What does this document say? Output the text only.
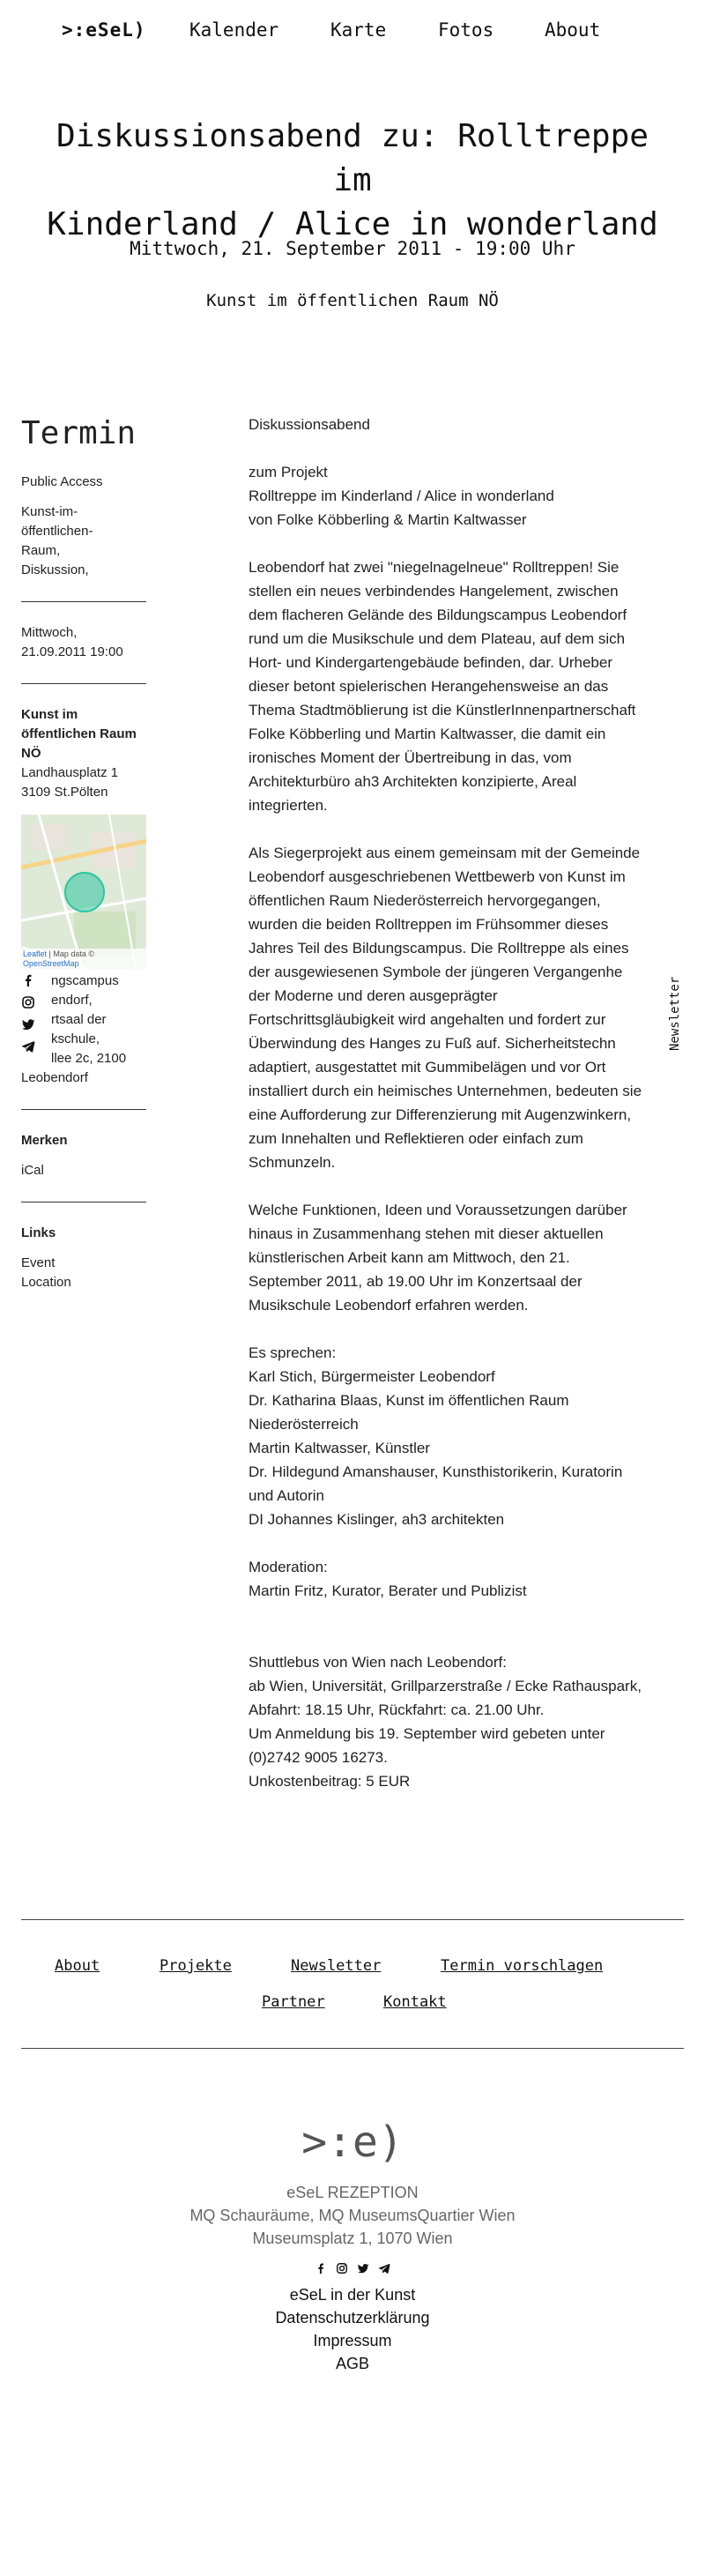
>:eSeL) Kalender	Karte	Fotos	About
Diskussionsabend zu: Rolltreppe im
Kinderland / Alice in wonderland
Mittwoch, 21. September 2011 - 19:00 Uhr
Kunst im öffentlichen Raum NÖ
Termin
Public Access
Kunst-im-öffentlichen-Raum, Diskussion,
Mittwoch,
21.09.2011 19:00
Kunst im
öffentlichen Raum
NÖ
Landhausplatz 1
3109 St.Pölten
Leaflet | Map data ©
OpenStreetMap
ngscampus
endorf,
rtsaal der
kschule,
llee 2c, 2100
Leobendorf
Merken
iCal
Links
Event
Location

Diskussionsabend

zum Projekt
Rolltreppe im Kinderland / Alice in wonderland
von Folke Köbberling & Martin Kaltwasser

Leobendorf hat zwei "niegelnagelneue" Rolltreppen! Sie
stellen ein neues verbindendes Hangelement, zwischen
dem flacheren Gelände des Bildungscampus Leobendorf
rund um die Musikschule und dem Plateau, auf dem sich
Hort- und Kindergartengebäude befinden, dar. Urheber
dieser betont spielerischen Herangehensweise an das
Thema Stadtmöblierung ist die KünstlerInnenpartnerschaft
Folke Köbberling und Martin Kaltwasser, die damit ein
ironisches Moment der Übertreibung in das, vom
Architekturbüro ah3 Architekten konzipierte, Areal
integrierten.

Als Siegerprojekt aus einem gemeinsam mit der Gemeinde
Leobendorf ausgeschriebenen Wettbewerb von Kunst im
öffentlichen Raum Niederösterreich hervorgegangen,
wurden die beiden Rolltreppen im Frühsommer dieses
Jahres Teil des Bildungscampus. Die Rolltreppe als eines
der ausgewiesenen Symbole der jüngeren Vergangenhe
der Moderne und deren ausgeprägter
Fortschrittsgläubigkeit wird angehalten und fordert zur
Überwindung des Hanges zu Fuß auf. Sicherheitstechn
adaptiert, ausgestattet mit Gummibelägen und vor Ort
installiert durch ein heimisches Unternehmen, bedeuten sie
eine Aufforderung zur Differenzierung mit Augenzwinkern,
zum Innehalten und Reflektieren oder einfach zum
Schmunzeln.

Welche Funktionen, Ideen und Voraussetzungen darüber
hinaus in Zusammenhang stehen mit dieser aktuellen
künstlerischen Arbeit kann am Mittwoch, den 21.
September 2011, ab 19.00 Uhr im Konzertsaal der
Musikschule Leobendorf erfahren werden.

Es sprechen:
Karl Stich, Bürgermeister Leobendorf
Dr. Katharina Blaas, Kunst im öffentlichen Raum
Niederösterreich
Martin Kaltwasser, Künstler
Dr. Hildegund Amanshauser, Kunsthistorikerin, Kuratorin
und Autorin
DI Johannes Kislinger, ah3 architekten

Moderation:
Martin Fritz, Kurator, Berater und Publizist

Shuttlebus von Wien nach Leobendorf:
ab Wien, Universität, Grillparzerstraße / Ecke Rathauspark,
Abfahrt: 18.15 Uhr, Rückfahrt: ca. 21.00 Uhr.
Um Anmeldung bis 19. September wird gebeten unter
(0)2742 9005 16273.
Unkostenbeitrag: 5 EUR

Newsletter
About	Projekte	Newsletter	Termin vorschlagen
Partner	Kontakt
>:e)
eSeL REZEPTION
MQ Schauräume, MQ MuseumsQuartier Wien
Museumsplatz 1, 1070 Wien
eSeL in der Kunst
Datenschutzerklärung
Impressum
AGB
